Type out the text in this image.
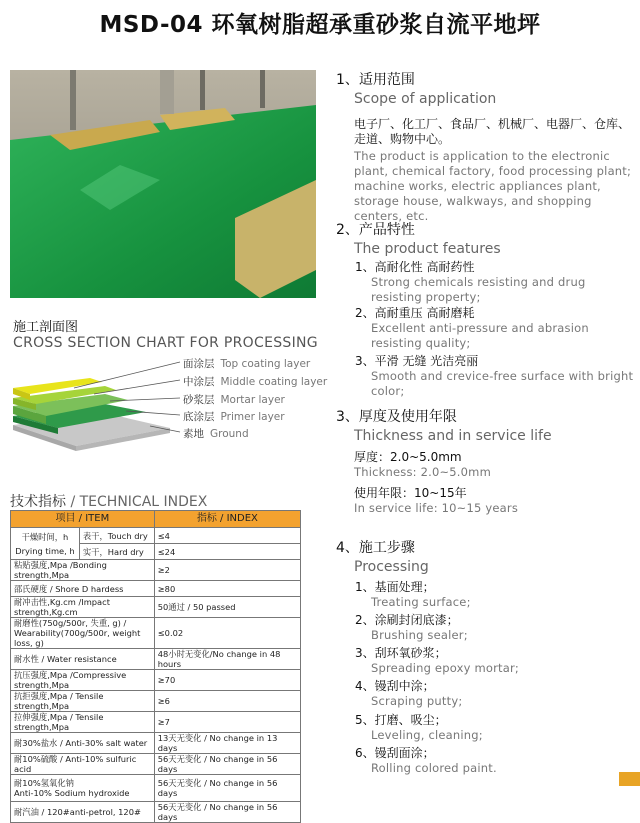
MSD-04 环氧树脂超承重砂浆自流平地坪
施工剖面图
CROSS SECTION CHART FOR PROCESSING
面涂层 Top coating layer
中涂层 Middle coating layer
砂浆层 Mortar layer
底涂层 Primer layer
素地 Ground
技术指标 / TECHNICAL INDEX
项目 / ITEM		指标 / INDEX

干燥时间，h
Drying time, h	表干，Touch dry	≤4
	实干，Hard dry	≤24
粘贴强度,Mpa /Bonding strength,Mpa		≥2
邵氏硬度 / Shore D hardess		≥80
耐冲击性,Kg.cm /Impact strength,Kg.cm		50通过 / 50 passed

耐磨性(750g/500r, 失重, g) /
Wearability(700g/500r, weight loss, g)		≤0.02
耐水性 / Water resistance		48小时无变化/No change in 48 hours
抗压强度,Mpa /Compressive strength,Mpa		≥70
抗拒强度,Mpa / Tensile strength,Mpa		≥6
拉伸强度,Mpa / Tensile strength,Mpa		≥7
耐30%盐水 / Anti-30% salt water		13天无变化 / No change in 13 days
耐10%硫酸 / Anti-10% sulfuric acid		56天无变化 / No change in 56 days

耐10%氢氧化钠
Anti-10% Sodium hydroxide		56天无变化 / No change in 56 days
耐汽油 / 120#anti-petrol, 120#		56天无变化 / No change in 56 days
1、适用范围
Scope of application
电子厂、化工厂、食品厂、机械厂、电器厂、仓库、走道、购物中心。
The product is application to the electronic plant, chemical factory, food processing plant; machine works, electric appliances plant, storage house, walkways, and shopping centers, etc.
2、产品特性
The product features
1、高耐化性 高耐药性
Strong chemicals resisting and drug resisting property;
2、高耐重压 高耐磨耗
Excellent anti-pressure and abrasion resisting quality;
3、平滑 无缝 光洁亮丽
Smooth and crevice-free surface with bright color;
3、厚度及使用年限
Thickness and in service life
厚度：2.0~5.0mm
Thickness: 2.0~5.0mm
使用年限：10~15年
In service life: 10~15 years
4、施工步骤
Processing
1、基面处理；
Treating surface;
2、涂刷封闭底漆；
Brushing sealer;
3、刮环氧砂浆；
Spreading epoxy mortar;
4、镘刮中涂；
Scraping putty;
5、打磨、吸尘；
Leveling, cleaning;
6、镘刮面涂；
Rolling colored paint.
